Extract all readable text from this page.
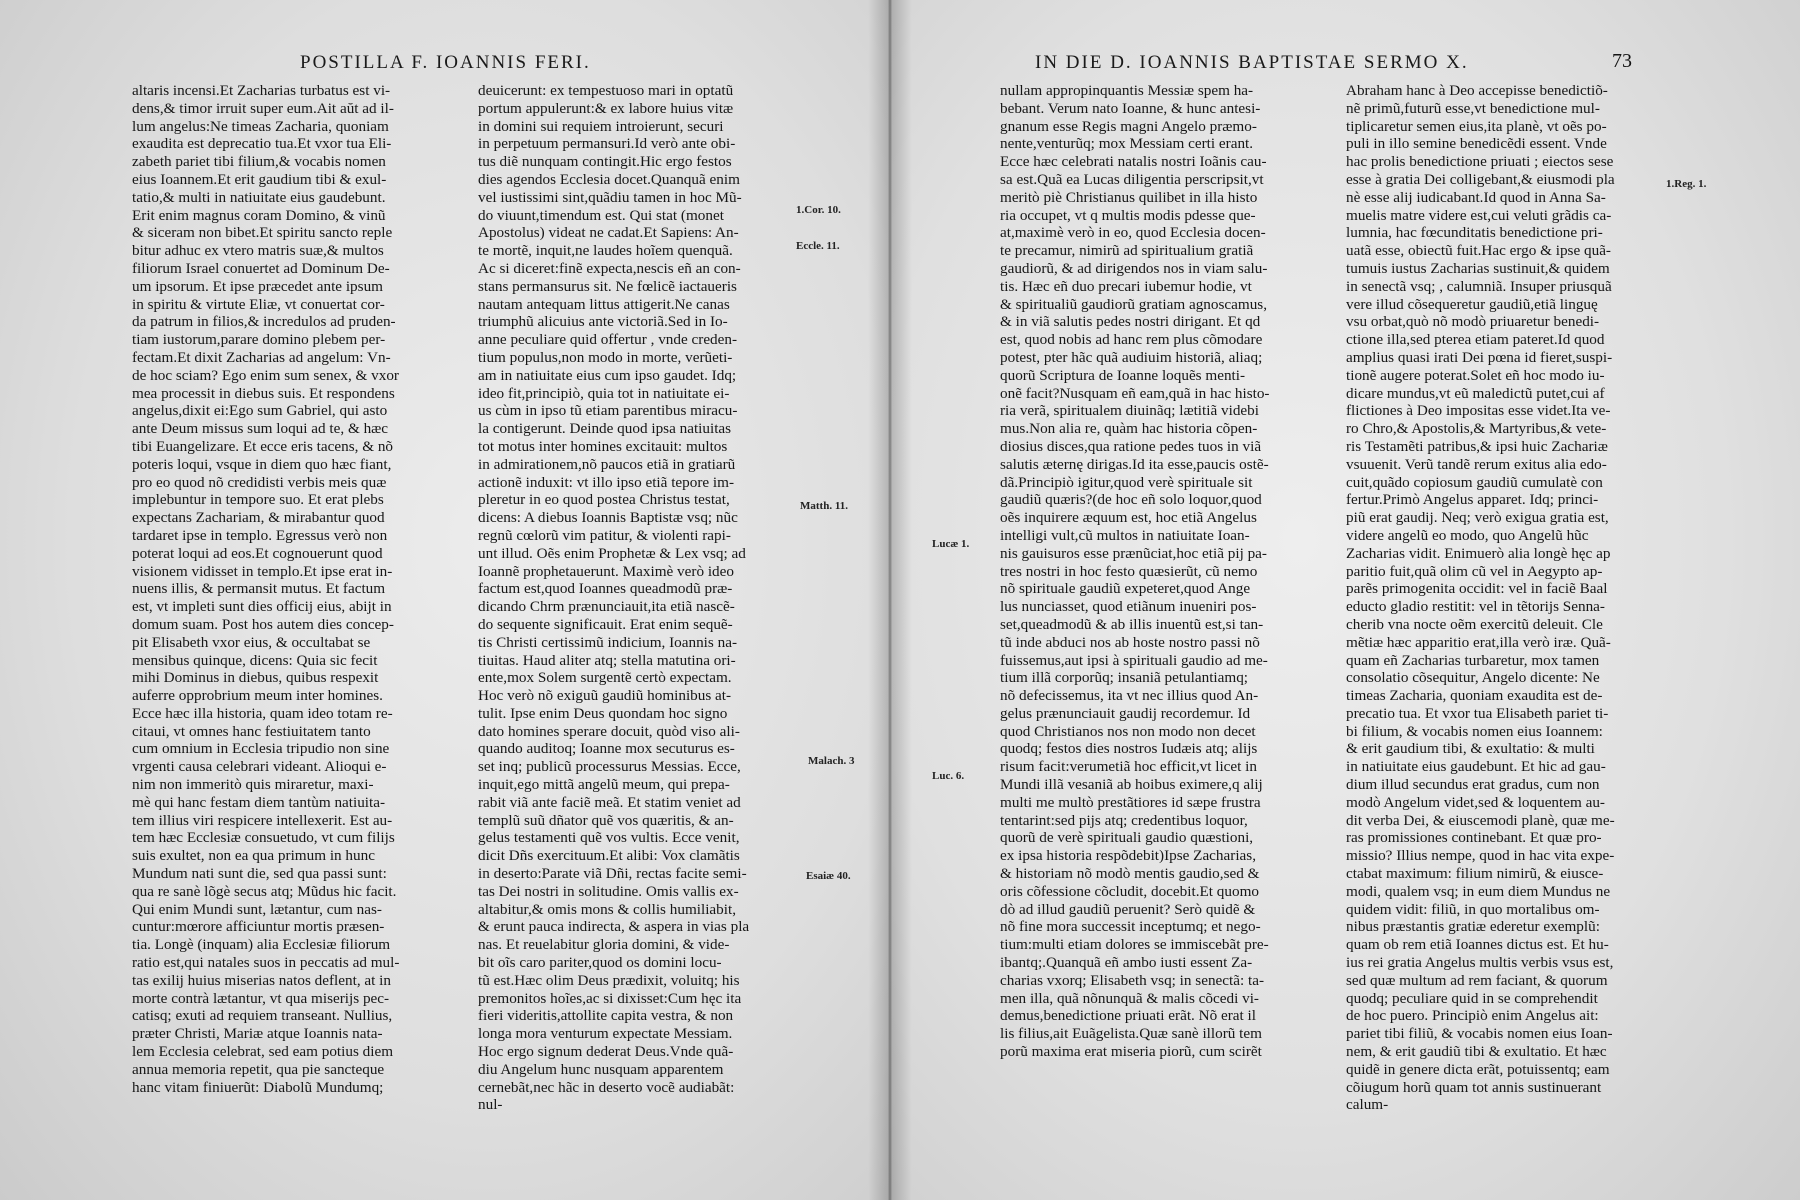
POSTILLA F. IOANNIS FERI.
altaris incensi.Et Zacharias turbatus est vi-
dens,& timor irruit super eum.Ait aŭt ad il-
lum angelus:Ne timeas Zacharia, quoniam
exaudita est deprecatio tua.Et vxor tua Eli-
zabeth pariet tibi filium,& vocabis nomen
eius Ioannem.Et erit gaudium tibi & exul-
tatio,& multi in natiuitate eius gaudebunt.
Erit enim magnus coram Domino, & vinũ
& siceram non bibet.Et spiritu sancto reple
bitur adhuc ex vtero matris suæ,& multos
filiorum Israel conuertet ad Dominum De-
um ipsorum. Et ipse præcedet ante ipsum
in spiritu & virtute Eliæ, vt conuertat cor-
da patrum in filios,& incredulos ad pruden-
tiam iustorum,parare domino plebem per-
fectam.Et dixit Zacharias ad angelum: Vn-
de hoc sciam? Ego enim sum senex, & vxor
mea processit in diebus suis. Et respondens
angelus,dixit ei:Ego sum Gabriel, qui asto
ante Deum missus sum loqui ad te, & hæc
tibi Euangelizare. Et ecce eris tacens, & nõ
poteris loqui, vsque in diem quo hæc fiant,
pro eo quod nõ credidisti verbis meis quæ
implebuntur in tempore suo. Et erat plebs
expectans Zachariam, & mirabantur quod
tardaret ipse in templo. Egressus verò non
poterat loqui ad eos.Et cognouerunt quod
visionem vidisset in templo.Et ipse erat in-
nuens illis, & permansit mutus. Et factum
est, vt impleti sunt dies officij eius, abijt in
domum suam. Post hos autem dies concep-
pit Elisabeth vxor eius, & occultabat se
mensibus quinque, dicens: Quia sic fecit
mihi Dominus in diebus, quibus respexit
auferre opprobrium meum inter homines.
Ecce hæc illa historia, quam ideo totam re-
citaui, vt omnes hanc festiuitatem tanto
cum omnium in Ecclesia tripudio non sine
vrgenti causa celebrari videant. Alioqui e-
nim non immeritò quis miraretur, maxi-
mè qui hanc festam diem tantùm natiuita-
tem illius viri respicere intellexerit. Est au-
tem hæc Ecclesiæ consuetudo, vt cum filijs
suis exultet, non ea qua primum in hunc
Mundum nati sunt die, sed qua passi sunt:
qua re sanè lõgè secus atq; Mũdus hic facit.
Qui enim Mundi sunt, lætantur, cum nas-
cuntur:mœrore afficiuntur mortis præsen-
tia. Longè (inquam) alia Ecclesiæ filiorum
ratio est,qui natales suos in peccatis ad mul-
tas exilij huius miserias natos deflent, at in
morte contrà lætantur, vt qua miserijs pec-
catisq; exuti ad requiem transeant. Nullius,
præter Christi, Mariæ atque Ioannis nata-
lem Ecclesia celebrat, sed eam potius diem
annua memoria repetit, qua pie sancteque
hanc vitam finiuerũt: Diabolũ Mundumq;
deuicerunt: ex tempestuoso mari in optatũ
portum appulerunt:& ex labore huius vitæ
in domini sui requiem introierunt, securi
in perpetuum permansuri.Id verò ante obi-
tus diẽ nunquam contingit.Hic ergo festos
dies agendos Ecclesia docet.Quanquã enim
vel iustissimi sint,quãdiu tamen in hoc Mũ-
do viuunt,timendum est. Qui stat (monet
Apostolus) videat ne cadat.Et Sapiens: An-
te mortẽ, inquit,ne laudes hoĩem quenquã.
Ac si diceret:finẽ expecta,nescis eñ an con-
stans permansurus sit. Ne fœlicẽ iactaueris
nautam antequam littus attigerit.Ne canas
triumphũ alicuius ante victoriã.Sed in Io-
anne peculiare quid offertur , vnde creden-
tium populus,non modo in morte, verũeti-
am in natiuitate eius cum ipso gaudet. Idq;
ideo fit,principiò, quia tot in natiuitate ei-
us cùm in ipso tũ etiam parentibus miracu-
la contigerunt. Deinde quod ipsa natiuitas
tot motus inter homines excitauit: multos
in admirationem,nõ paucos etiã in gratiarũ
actionẽ induxit: vt illo ipso etiã tepore im-
pleretur in eo quod postea Christus testat,
dicens: A diebus Ioannis Baptistæ vsq; nũc
regnũ cœlorũ vim patitur, & violenti rapi-
unt illud. Oẽs enim Prophetæ & Lex vsq; ad
Ioannẽ prophetauerunt. Maximè verò ideo
factum est,quod Ioannes queadmodũ præ-
dicando Chrm prænunciauit,ita etiã nascẽ-
do sequente significauit. Erat enim sequẽ-
tis Christi certissimũ indicium, Ioannis na-
tiuitas. Haud aliter atq; stella matutina ori-
ente,mox Solem surgentẽ certò expectam.
Hoc verò nõ exiguũ gaudiũ hominibus at-
tulit. Ipse enim Deus quondam hoc signo
dato homines sperare docuit, quòd viso ali-
quando auditoq; Ioanne mox secuturus es-
set inq; publicũ processurus Messias. Ecce,
inquit,ego mittã angelũ meum, qui prepa-
rabit viã ante faciẽ meã. Et statim veniet ad
templũ suũ dñator quẽ vos quæritis, & an-
gelus testamenti quẽ vos vultis. Ecce venit,
dicit Dñs exercituum.Et alibi: Vox clamãtis
in deserto:Parate viã Dñi, rectas facite semi-
tas Dei nostri in solitudine. Omis vallis ex-
altabitur,& omis mons & collis humiliabit,
& erunt pauca indirecta, & aspera in vias pla
nas. Et reuelabitur gloria domini, & vide-
bit oĩs caro pariter,quod os domini locu-
tũ est.Hæc olim Deus prædixit, voluitq; his
premonitos hoĩes,ac si dixisset:Cum hęc ita
fieri videritis,attollite capita vestra, & non
longa mora venturum expectate Messiam.
Hoc ergo signum dederat Deus.Vnde quã-
diu Angelum hunc nusquam apparentem
cernebãt,nec hãc in deserto vocẽ audiabãt:
nul-
1.Cor. 10.
Eccle. 11.
Matth. 11.
Malach. 3
Esaiæ 40.
IN DIE D. IOANNIS BAPTISTAE SERMO X.	73
nullam appropinquantis Messiæ spem ha-
bebant. Verum nato Ioanne, & hunc antesi-
gnanum esse Regis magni Angelo præmo-
nente,venturũq; mox Messiam certi erant.
Ecce hæc celebrati natalis nostri Ioãnis cau-
sa est.Quã ea Lucas diligentia perscripsit,vt
meritò piè Christianus quilibet in illa histo
ria occupet, vt q multis modis pdesse que-
at,maximè verò in eo, quod Ecclesia docen-
te precamur, nimirũ ad spiritualium gratiã
gaudiorũ, & ad dirigendos nos in viam salu-
tis. Hæc eñ duo precari iubemur hodie, vt
& spiritualiũ gaudiorũ gratiam agnoscamus,
& in viã salutis pedes nostri dirigant. Et qd
est, quod nobis ad hanc rem plus cõmodare
potest, pter hãc quã audiuim historiã, aliaq;
quorũ Scriptura de Ioanne loquẽs menti-
onẽ facit?Nusquam eñ eam,quã in hac histo-
ria verã, spiritualem diuinãq; lætitiã videbi
mus.Non alia re, quàm hac historia cõpen-
diosius disces,qua ratione pedes tuos in viã
salutis æternę dirigas.Id ita esse,paucis ostẽ-
dã.Principiò igitur,quod verè spirituale sit
gaudiũ quæris?(de hoc eñ solo loquor,quod
oẽs inquirere æquum est, hoc etiã Angelus
intelligi vult,cũ multos in natiuitate Ioan-
nis gauisuros esse prænũciat,hoc etiã pij pa-
tres nostri in hoc festo quæsierũt, cũ nemo
nõ spirituale gaudiũ expeteret,quod Ange
lus nunciasset, quod etiãnum inueniri pos-
set,queadmodũ & ab illis inuentũ est,si tan-
tũ inde abduci nos ab hoste nostro passi nõ
fuissemus,aut ipsi à spirituali gaudio ad me-
tium illã corporũq; insaniã petulantiamq;
nõ defecissemus, ita vt nec illius quod An-
gelus prænunciauit gaudij recordemur. Id
quod Christianos nos non modo non decet
quodq; festos dies nostros Iudæis atq; alijs
risum facit:verumetiã hoc efficit,vt licet in
Mundi illã vesaniã ab hoibus eximere,q alij
multi me multò prestãtiores id sæpe frustra
tentarint:sed pijs atq; credentibus loquor,
quorũ de verè spirituali gaudio quæstioni,
ex ipsa historia respõdebit)Ipse Zacharias,
& historiam nõ modò mentis gaudio,sed &
oris cõfessione cõcludit, docebit.Et quomo
dò ad illud gaudiũ peruenit? Serò quidẽ &
nõ fine mora successit inceptumq; et nego-
tium:multi etiam dolores se immiscebãt pre-
ibantq;.Quanquã eñ ambo iusti essent Za-
charias vxorq; Elisabeth vsq; in senectã: ta-
men illa, quã nõnunquã & malis cõcedi vi-
demus,benedictione priuati erãt. Nõ erat il
lis filius,ait Euãgelista.Quæ sanè illorũ tem
porũ maxima erat miseria piorũ, cum scirẽt
Abraham hanc à Deo accepisse benedictiõ-
nẽ primũ,futurũ esse,vt benedictione mul-
tiplicaretur semen eius,ita planè, vt oẽs po-
puli in illo semine benedicẽdi essent. Vnde
hac prolis benedictione priuati ; eiectos sese
esse à gratia Dei colligebant,& eiusmodi pla
nè esse alij iudicabant.Id quod in Anna Sa-
muelis matre videre est,cui veluti grãdis ca-
lumnia, hac fœcunditatis benedictione pri-
uatã esse, obiectũ fuit.Hac ergo & ipse quã-
tumuis iustus Zacharias sustinuit,& quidem
in senectã vsq; , calumniã. Insuper priusquã
vere illud cõsequeretur gaudiũ,etiã linguę
vsu orbat,quò nõ modò priuaretur benedi-
ctione illa,sed pterea etiam pateret.Id quod
amplius quasi irati Dei pœna id fieret,suspi-
tionẽ augere poterat.Solet eñ hoc modo iu-
dicare mundus,vt eũ maledictũ putet,cui af
flictiones à Deo impositas esse videt.Ita ve-
ro Chro,& Apostolis,& Martyribus,& vete-
ris Testamẽti patribus,& ipsi huic Zachariæ
vsuuenit. Verũ tandẽ rerum exitus alia edo-
cuit,quãdo copiosum gaudiũ cumulatè con
fertur.Primò Angelus apparet. Idq; princi-
piũ erat gaudij. Neq; verò exigua gratia est,
videre angelũ eo modo, quo Angelũ hũc
Zacharias vidit. Enimuerò alia longè hęc ap
paritio fuit,quã olim cũ vel in Aegypto ap-
parẽs primogenita occidit: vel in faciẽ Baal
educto gladio restitit: vel in tẽtorijs Senna-
cherib vna nocte oẽm exercitũ deleuit. Cle
mẽtiæ hæc apparitio erat,illa verò iræ. Quã-
quam eñ Zacharias turbaretur, mox tamen
consolatio cõsequitur, Angelo dicente: Ne
timeas Zacharia, quoniam exaudita est de-
precatio tua. Et vxor tua Elisabeth pariet ti-
bi filium, & vocabis nomen eius Ioannem:
& erit gaudium tibi, & exultatio: & multi
in natiuitate eius gaudebunt. Et hic ad gau-
dium illud secundus erat gradus, cum non
modò Angelum videt,sed & loquentem au-
dit verba Dei, & eiuscemodi planè, quæ me-
ras promissiones continebant. Et quæ pro-
missio? Illius nempe, quod in hac vita expe-
ctabat maximum: filium nimirũ, & eiusce-
modi, qualem vsq; in eum diem Mundus ne
quidem vidit: filiũ, in quo mortalibus om-
nibus præstantis gratiæ ederetur exemplũ:
quam ob rem etiã Ioannes dictus est. Et hu-
ius rei gratia Angelus multis verbis vsus est,
sed quæ multum ad rem faciant, & quorum
quodq; peculiare quid in se comprehendit
de hoc puero. Principiò enim Angelus ait:
pariet tibi filiũ, & vocabis nomen eius Ioan-
nem, & erit gaudiũ tibi & exultatio. Et hæc
quidẽ in genere dicta erãt, potuissentq; eam
cõiugum horũ quam tot annis sustinuerant
calum-
1.Reg. 1.
Lucæ 1.
Luc. 6.
